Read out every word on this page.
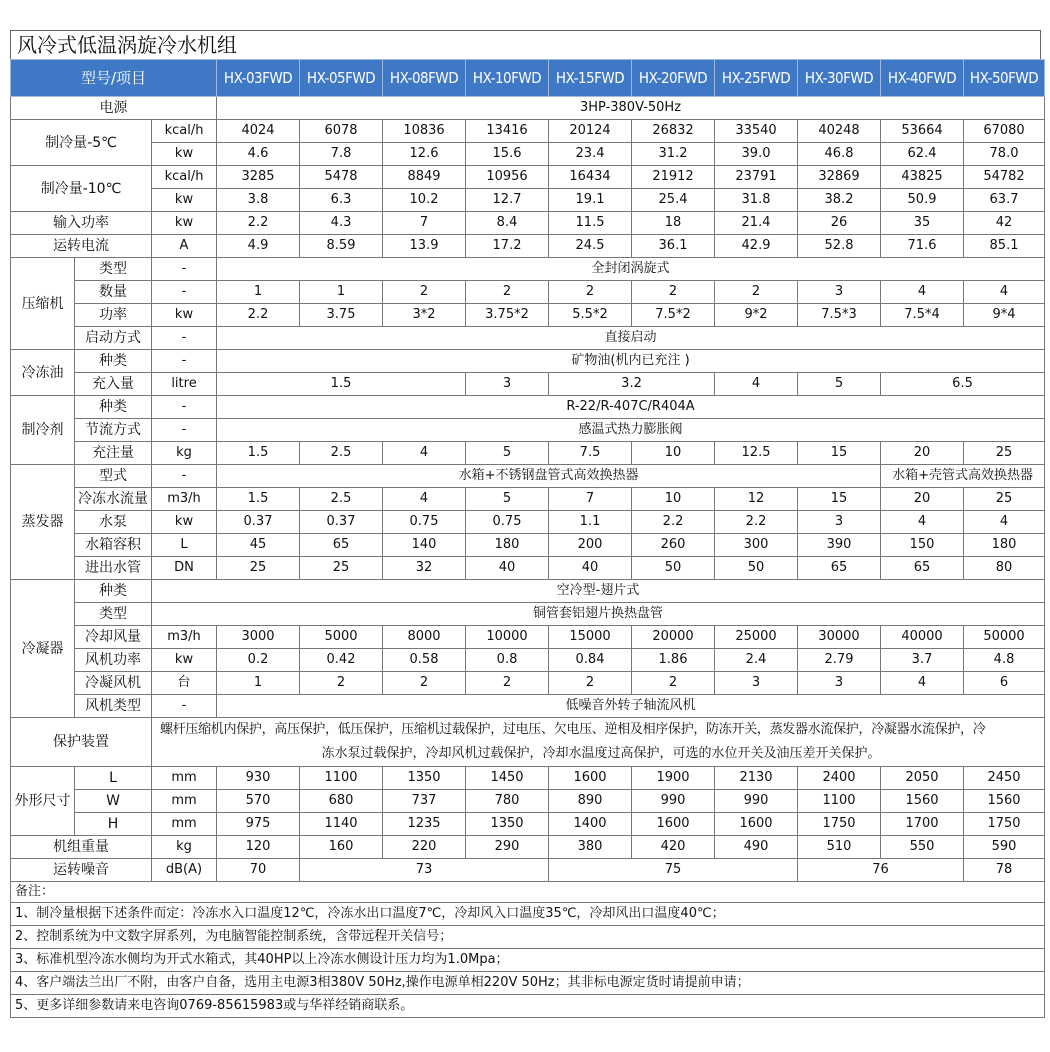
风冷式低温涡旋冷水机组
型号/项目			HX-03FWD	HX-05FWD	HX-08FWD	HX-10FWD	HX-15FWD	HX-20FWD	HX-25FWD	HX-30FWD	HX-40FWD	HX-50FWD
电源			3HP-380V-50Hz									
制冷量-5℃		kcal/h	4024	6078	10836	13416	20124	26832	33540	40248	53664	67080
		kw	4.6	7.8	12.6	15.6	23.4	31.2	39.0	46.8	62.4	78.0
制冷量-10℃		kcal/h	3285	5478	8849	10956	16434	21912	23791	32869	43825	54782
		kw	3.8	6.3	10.2	12.7	19.1	25.4	31.8	38.2	50.9	63.7
输入功率		kw	2.2	4.3	7	8.4	11.5	18	21.4	26	35	42
运转电流		A	4.9	8.59	13.9	17.2	24.5	36.1	42.9	52.8	71.6	85.1
压缩机	类型	-	全封闭涡旋式									
	数量	-	1	1	2	2	2	2	2	3	4	4
	功率	kw	2.2	3.75	3*2	3.75*2	5.5*2	7.5*2	9*2	7.5*3	7.5*4	9*4
	启动方式	-	直接启动									
冷冻油	种类	-	矿物油(机内已充注 )									
	充入量	litre	1.5			3	3.2		4	5	6.5	
制冷剂	种类	-	R-22/R-407C/R404A									
	节流方式	-	感温式热力膨胀阀									
	充注量	kg	1.5	2.5	4	5	7.5	10	12.5	15	20	25
蒸发器	型式	-	水箱+不锈钢盘管式高效换热器								水箱+壳管式高效换热器	
	冷冻水流量	m3/h	1.5	2.5	4	5	7	10	12	15	20	25
	水泵	kw	0.37	0.37	0.75	0.75	1.1	2.2	2.2	3	4	4
	水箱容积	L	45	65	140	180	200	260	300	390	150	180
	进出水管	DN	25	25	32	40	40	50	50	65	65	80
冷凝器	种类	空冷型-翅片式										
	类型	铜管套铝翅片换热盘管										
	冷却风量	m3/h	3000	5000	8000	10000	15000	20000	25000	30000	40000	50000
	风机功率	kw	0.2	0.42	0.58	0.8	0.84	1.86	2.4	2.79	3.7	4.8
	冷凝风机	台	1	2	2	2	2	2	3	3	4	6
	风机类型	-	低噪音外转子轴流风机									
保护装置		螺杆压缩机内保护，高压保护，低压保护，压缩机过载保护，过电压、欠电压、逆相及相序保护，防冻开关，蒸发器水流保护，冷凝器水流保护，冷
冻水泵过载保护，冷却风机过载保护，冷却水温度过高保护，可选的水位开关及油压差开关保护。										

外形尺寸	L	mm	930	1100	1350	1450	1600	1900	2130	2400	2050	2450
	W	mm	570	680	737	780	890	990	990	1100	1560	1560
	H	mm	975	1140	1235	1350	1400	1600	1600	1750	1700	1750
机组重量		kg	120	160	220	290	380	420	490	510	550	590
运转噪音		dB(A)	70	73			75			76		78
备注：												
1、制冷量根据下述条件而定：冷冻水入口温度12℃，冷冻水出口温度7℃，冷却风入口温度35℃，冷却风出口温度40℃；												
2、控制系统为中文数字屏系列，为电脑智能控制系统，含带远程开关信号；												
3、标准机型冷冻水侧均为开式水箱式，其40HP以上冷冻水侧设计压力均为1.0Mpa；												
4、客户端法兰出厂不附，由客户自备，选用主电源3相380V 50Hz,操作电源单相220V 50Hz；其非标电源定货时请提前申请；												
5、更多详细参数请来电咨询0769-85615983或与华祥经销商联系。												
